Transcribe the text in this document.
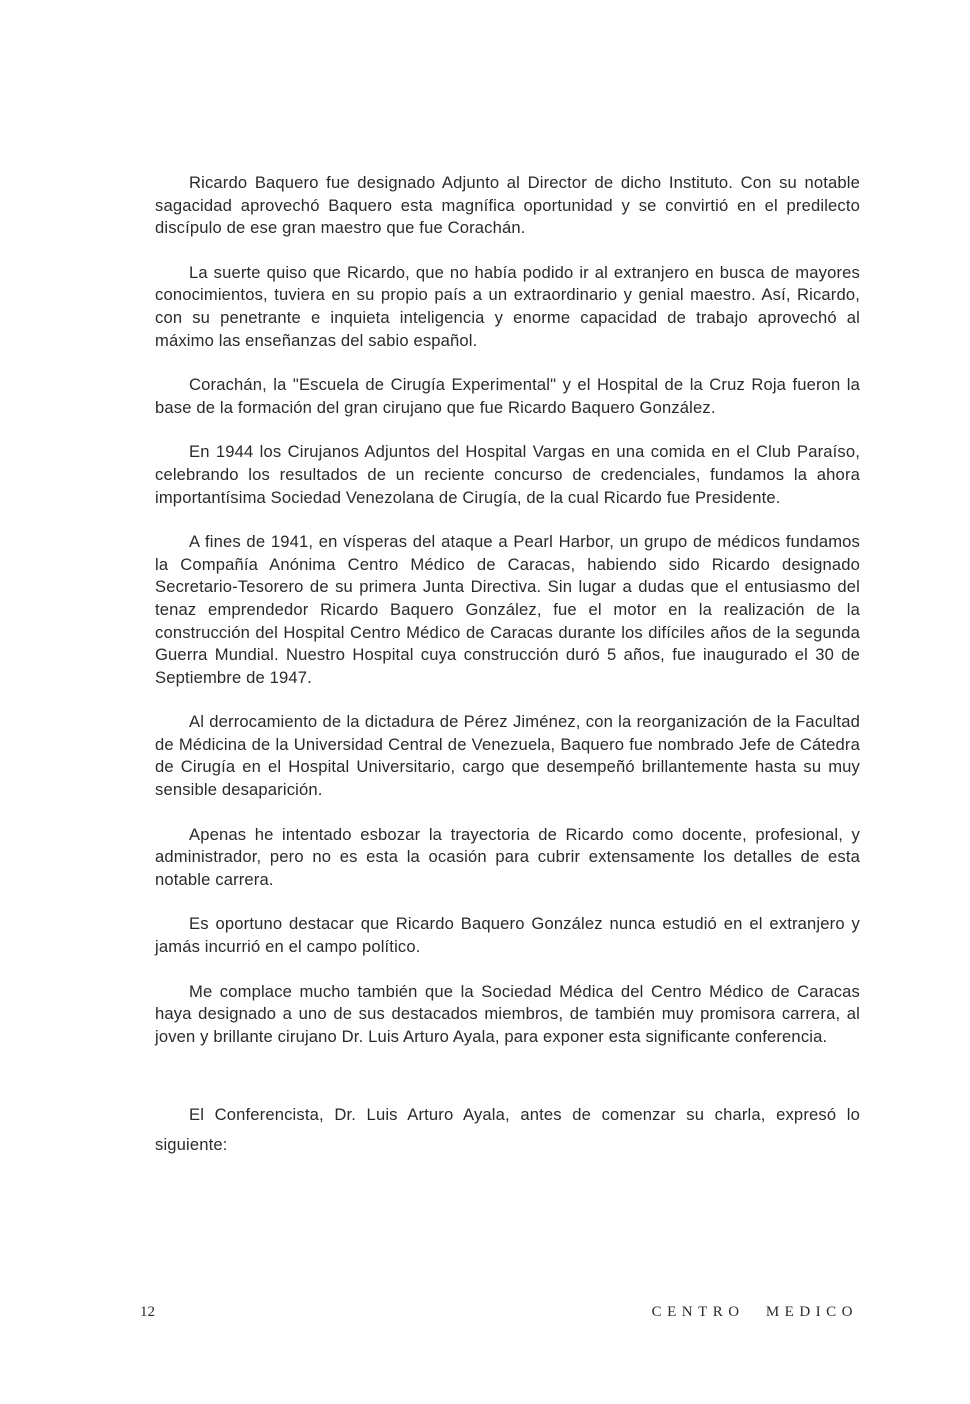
Ricardo Baquero fue designado Adjunto al Director de dicho Instituto. Con su notable sagacidad aprovechó Baquero esta magnífica oportunidad y se convirtió en el predilecto discípulo de ese gran maestro que fue Corachán.

La suerte quiso que Ricardo, que no había podido ir al extranjero en busca de mayores conocimientos, tuviera en su propio país a un extraordinario y genial maestro. Así, Ricardo, con su penetrante e inquieta inteligencia y enorme capacidad de trabajo aprovechó al máximo las enseñanzas del sabio español.

Corachán, la "Escuela de Cirugía Experimental" y el Hospital de la Cruz Roja fueron la base de la formación del gran cirujano que fue Ricardo Baquero González.

En 1944 los Cirujanos Adjuntos del Hospital Vargas en una comida en el Club Paraíso, celebrando los resultados de un reciente concurso de credenciales, fundamos la ahora importantísima Sociedad Venezolana de Cirugía, de la cual Ricardo fue Presidente.

A fines de 1941, en vísperas del ataque a Pearl Harbor, un grupo de médicos fundamos la Compañía Anónima Centro Médico de Caracas, habiendo sido Ricardo designado Secretario-Tesorero de su primera Junta Directiva. Sin lugar a dudas que el entusiasmo del tenaz emprendedor Ricardo Baquero González, fue el motor en la realización de la construcción del Hospital Centro Médico de Caracas durante los difíciles años de la segunda Guerra Mundial. Nuestro Hospital cuya construcción duró 5 años, fue inaugurado el 30 de Septiembre de 1947.

Al derrocamiento de la dictadura de Pérez Jiménez, con la reorganización de la Facultad de Médicina de la Universidad Central de Venezuela, Baquero fue nombrado Jefe de Cátedra de Cirugía en el Hospital Universitario, cargo que desempeñó brillantemente hasta su muy sensible desaparición.

Apenas he intentado esbozar la trayectoria de Ricardo como docente, profesional, y administrador, pero no es esta la ocasión para cubrir extensamente los detalles de esta notable carrera.

Es oportuno destacar que Ricardo Baquero González nunca estudió en el extranjero y jamás incurrió en el campo político.

Me complace mucho también que la Sociedad Médica del Centro Médico de Caracas haya designado a uno de sus destacados miembros, de también muy promisora carrera, al joven y brillante cirujano Dr. Luis Arturo Ayala, para exponer esta significante conferencia.

El Conferencista, Dr. Luis Arturo Ayala, antes de comenzar su charla, expresó lo siguiente:

12	CENTRO MEDICO
